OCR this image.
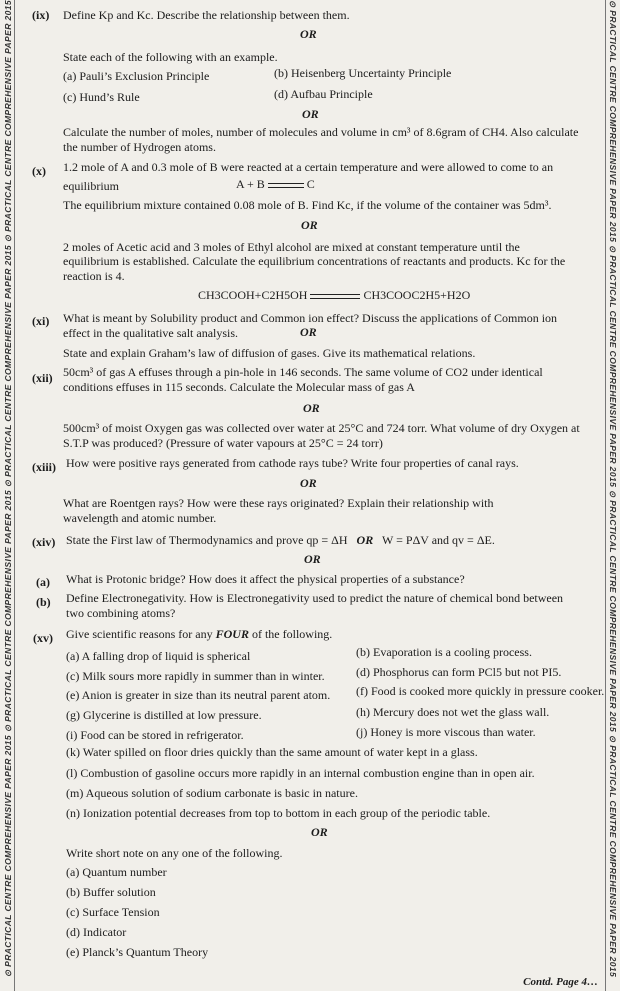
⊙ PRACTICAL CENTRE COMPREHENSIVE PAPER 2015 ⊙ PRACTICAL CENTRE COMPREHENSIVE PAPER 2015 ⊙ PRACTICAL CENTRE COMPREHENSIVE PAPER 2015 ⊙ PRACTICAL CENTRE COMPREHENSIVE PAPER 2015	⊙ PRACTICAL CENTRE COMPREHENSIVE PAPER 2015 ⊙ PRACTICAL CENTRE COMPREHENSIVE PAPER 2015 ⊙ PRACTICAL CENTRE COMPREHENSIVE PAPER 2015 ⊙ PRACTICAL CENTRE COMPREHENSIVE PAPER 2015
(ix) Define Kp and Kc. Describe the relationship between them.
OR
State each of the following with an example.
(a) Pauli’s Exclusion Principle	(b) Heisenberg Uncertainty Principle
(c) Hund’s Rule	(d) Aufbau Principle
OR
Calculate the number of moles, number of molecules and volume in cm³ of 8.6gram of CH4. Also calculate
the number of Hydrogen atoms.
(x) 1.2 mole of A and 0.3 mole of B were reacted at a certain temperature and were allowed to come to an
equilibrium	A + B	C
The equilibrium mixture contained 0.08 mole of B. Find Kc, if the volume of the container was 5dm³.
OR
2 moles of Acetic acid and 3 moles of Ethyl alcohol are mixed at constant temperature until the
equilibrium is established. Calculate the equilibrium concentrations of reactants and products. Kc for the
reaction is 4.
CH3COOH+C2H5OH	CH3COOC2H5+H2O
(xi) What is meant by Solubility product and Common ion effect? Discuss the applications of Common ion
effect in the qualitative salt analysis.	OR
State and explain Graham’s law of diffusion of gases. Give its mathematical relations.
(xii) 50cm³ of gas A effuses through a pin-hole in 146 seconds. The same volume of CO2 under identical
conditions effuses in 115 seconds. Calculate the Molecular mass of gas A
OR
500cm³ of moist Oxygen gas was collected over water at 25°C and 724 torr. What volume of dry Oxygen at
S.T.P was produced? (Pressure of water vapours at 25°C = 24 torr)
(xiii) How were positive rays generated from cathode rays tube? Write four properties of canal rays.
OR
What are Roentgen rays? How were these rays originated? Explain their relationship with
wavelength and atomic number.
(xiv) State the First law of Thermodynamics and prove qp = ΔH OR W = PΔV and qv = ΔE.
OR
(a) What is Protonic bridge? How does it affect the physical properties of a substance?
(b) Define Electronegativity. How is Electronegativity used to predict the nature of chemical bond between
two combining atoms?
(xv) Give scientific reasons for any FOUR of the following.
(a) A falling drop of liquid is spherical	(b) Evaporation is a cooling process.
(c) Milk sours more rapidly in summer than in winter.	(d) Phosphorus can form PCl5 but not PI5.
(e) Anion is greater in size than its neutral parent atom. (f) Food is cooked more quickly in pressure cooker.
(g) Glycerine is distilled at low pressure.	(h) Mercury does not wet the glass wall.
(i) Food can be stored in refrigerator.	(j) Honey is more viscous than water.
(k) Water spilled on floor dries quickly than the same amount of water kept in a glass.
(l) Combustion of gasoline occurs more rapidly in an internal combustion engine than in open air.
(m) Aqueous solution of sodium carbonate is basic in nature.
(n) Ionization potential decreases from top to bottom in each group of the periodic table.
OR
Write short note on any one of the following.
(a) Quantum number
(b) Buffer solution
(c) Surface Tension
(d) Indicator
(e) Planck’s Quantum Theory
Contd. Page 4…
